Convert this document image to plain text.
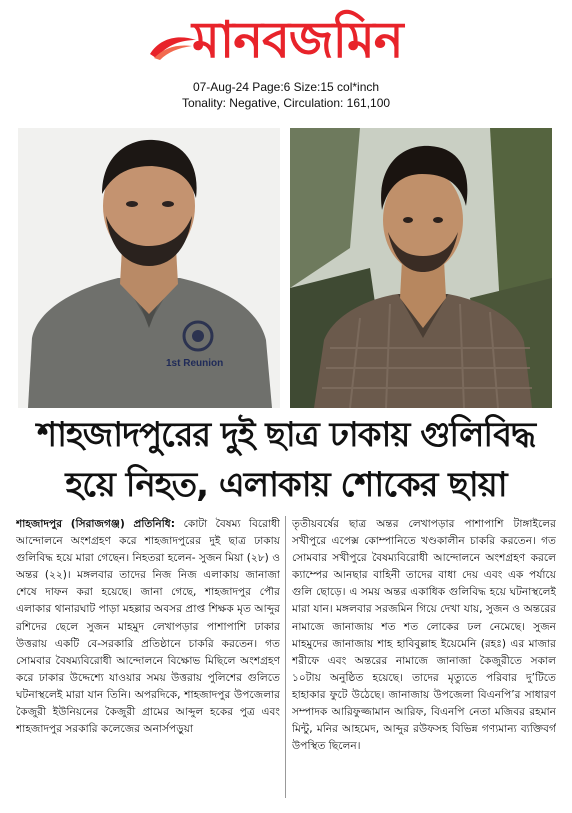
মানবজমিন
07-Aug-24 Page:6 Size:15 col*inch
Tonality: Negative, Circulation: 161,100
1st Reunion
শাহজাদপুরের দুই ছাত্র ঢাকায় গুলিবিদ্ধ
হয়ে নিহত, এলাকায় শোকের ছায়া
শাহজাদপুর (সিরাজগঞ্জ) প্রতিনিধি: কোটা বৈষম্য বিরোধী আন্দোলনে অংশগ্রহণ করে শাহজাদপুরের দুই ছাত্র ঢাকায় গুলিবিদ্ধ হয়ে মারা গেছেন। নিহতরা হলেন- সুজন মিয়া (২৮) ও অন্তর (২২)। মঙ্গলবার তাদের নিজ নিজ এলাকায় জানাজা শেষে দাফন করা হয়েছে। জানা গেছে, শাহজাদপুর পৌর এলাকার থানারঘাট পাড়া মহল্লার অবসর প্রাপ্ত শিক্ষক মৃত আব্দুর রশিদের ছেলে সুজন মাহমুদ লেখাপড়ার পাশাপাশি ঢাকার উত্তরায় একটি বে-সরকারি প্রতিষ্ঠানে চাকরি করতেন। গত সোমবার বৈষম্যবিরোধী আন্দোলনে বিক্ষোভ মিছিলে অংশগ্রহণ করে ঢাকার উদ্দেশ্যে যাওয়ার সময় উত্তরায় পুলিশের গুলিতে ঘটনাস্থলেই মারা যান তিনি। অপরদিকে, শাহজাদপুর উপজেলার কৈজুরী ইউনিয়নের কৈজুরী গ্রামের আব্দুল হকের পুত্র এবং শাহজাদপুর সরকারি কলেজের অনার্সপড়ুয়া
তৃতীয়বর্ষের ছাত্র অন্তর লেখাপড়ার পাশাপাশি টাঙ্গাইলের সখীপুরে এপেক্স কোম্পানিতে খণ্ডকালীন চাকরি করতেন। গত সোমবার সখীপুরে বৈষম্যবিরোধী আন্দোলনে অংশগ্রহণ করলে ক্যাম্পের আনছার বাহিনী তাদের বাধা দেয় এবং এক পর্যায়ে গুলি ছোড়ে। এ সময় অন্তর একাধিক গুলিবিদ্ধ হয়ে ঘটনাস্থলেই মারা যান। মঙ্গলবার সরজমিন গিয়ে দেখা যায়, সুজন ও অন্তরের নামাজে জানাজায় শত শত লোকের ঢল নেমেছে। সুজন মাহমুদের জানাজায় শাহ হাবিবুল্লাহ ইয়েমেনি (রহঃ) এর মাজার শরীফে এবং অন্তরের নামাজে জানাজা কৈজুরীতে সকাল ১০টায় অনুষ্ঠিত হয়েছে। তাদের মৃত্যুতে পরিবার দু’টিতে হাহাকার ফুটে উঠেছে। জানাজায় উপজেলা বিএনপি’র সাধারণ সম্পাদক আরিফুজ্জামান আরিফ, বিএনপি নেতা মজিবর রহমান মিন্টু, মনির আহমেদ, আব্দুর রউফসহ বিভিন্ন গণ্যমান্য ব্যক্তিবর্গ উপস্থিত ছিলেন।
